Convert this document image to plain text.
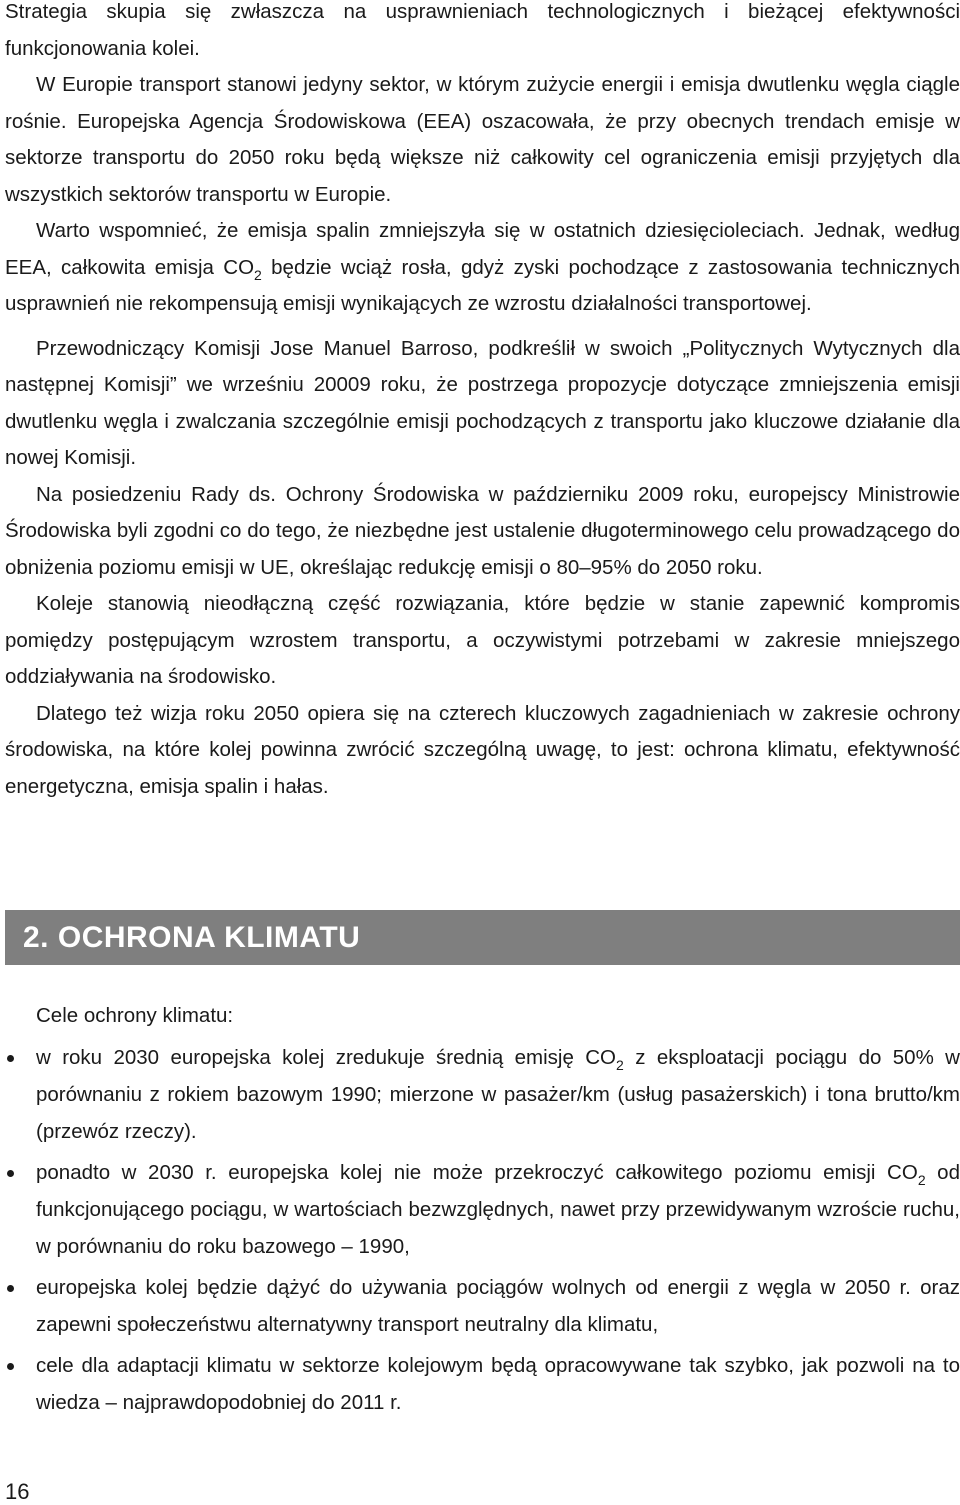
Strategia skupia się zwłaszcza na usprawnieniach technologicznych i bieżącej efektywności funkcjonowania kolei.

W Europie transport stanowi jedyny sektor, w którym zużycie energii i emisja dwutlenku węgla ciągle rośnie. Europejska Agencja Środowiskowa (EEA) oszacowała, że przy obecnych trendach emisje w sektorze transportu do 2050 roku będą większe niż całkowity cel ograniczenia emisji przyjętych dla wszystkich sektorów transportu w Europie.

Warto wspomnieć, że emisja spalin zmniejszyła się w ostatnich dziesięcioleciach. Jednak, według EEA, całkowita emisja $CO_2$ będzie wciąż rosła, gdyż zyski pochodzące z zastosowania technicznych usprawnień nie rekompensują emisji wynikających ze wzrostu działalności transportowej.

Przewodniczący Komisji Jose Manuel Barroso, podkreślił w swoich „Politycznych Wytycznych dla następnej Komisji” we wrześniu 20009 roku, że postrzega propozycje dotyczące zmniejszenia emisji dwutlenku węgla i zwalczania szczególnie emisji pochodzących z transportu jako kluczowe działanie dla nowej Komisji.

Na posiedzeniu Rady ds. Ochrony Środowiska w październiku 2009 roku, europejscy Ministrowie Środowiska byli zgodni co do tego, że niezbędne jest ustalenie długoterminowego celu prowadzącego do obniżenia poziomu emisji w UE, określając redukcję emisji o 80–95% do 2050 roku.

Koleje stanowią nieodłączną część rozwiązania, które będzie w stanie zapewnić kompromis pomiędzy postępującym wzrostem transportu, a oczywistymi potrzebami w zakresie mniejszego oddziaływania na środowisko.

Dlatego też wizja roku 2050 opiera się na czterech kluczowych zagadnieniach w zakresie ochrony środowiska, na które kolej powinna zwrócić szczególną uwagę, to jest: ochrona klimatu, efektywność energetyczna, emisja spalin i hałas.

2. OCHRONA KLIMATU

Cele ochrony klimatu:

w roku 2030 europejska kolej zredukuje średnią emisję $CO_2$ z eksploatacji pociągu do 50% w porównaniu z rokiem bazowym 1990; mierzone w pasażer/km (usług pasażerskich) i tona brutto/km (przewóz rzeczy).
ponadto w 2030 r. europejska kolej nie może przekroczyć całkowitego poziomu emisji $CO_2$ od funkcjonującego pociągu, w wartościach bezwzględnych, nawet przy przewidywanym wzroście ruchu, w porównaniu do roku bazowego – 1990,
europejska kolej będzie dążyć do używania pociągów wolnych od energii z węgla w 2050 r. oraz zapewni społeczeństwu alternatywny transport neutralny dla klimatu,
cele dla adaptacji klimatu w sektorze kolejowym będą opracowywane tak szybko, jak pozwoli na to wiedza – najprawdopodobniej do 2011 r.
16
